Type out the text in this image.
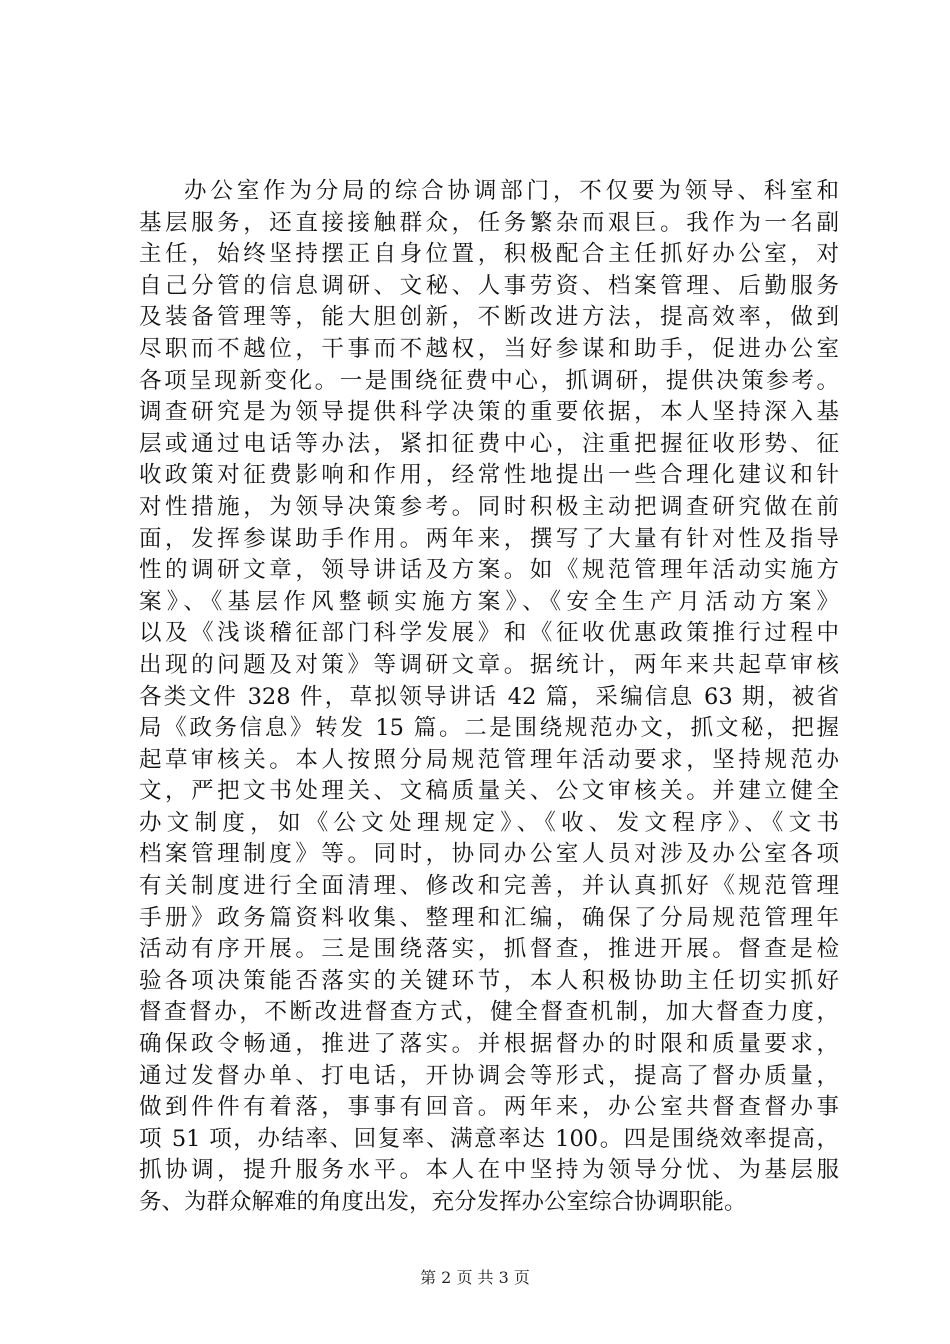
办公室作为分局的综合协调部门，不仅要为领导、科室和
基层服务，还直接接触群众，任务繁杂而艰巨。我作为一名副
主任，始终坚持摆正自身位置，积极配合主任抓好办公室，对
自己分管的信息调研、文秘、人事劳资、档案管理、后勤服务
及装备管理等，能大胆创新，不断改进方法，提高效率，做到
尽职而不越位，干事而不越权，当好参谋和助手，促进办公室
各项呈现新变化。一是围绕征费中心，抓调研，提供决策参考。
调查研究是为领导提供科学决策的重要依据，本人坚持深入基
层或通过电话等办法，紧扣征费中心，注重把握征收形势、征
收政策对征费影响和作用，经常性地提出一些合理化建议和针
对性措施，为领导决策参考。同时积极主动把调查研究做在前
面，发挥参谋助手作用。两年来，撰写了大量有针对性及指导
性的调研文章，领导讲话及方案。如《规范管理年活动实施方
案》、《基层作风整顿实施方案》、《安全生产月活动方案》
以及《浅谈稽征部门科学发展》和《征收优惠政策推行过程中
出现的问题及对策》等调研文章。据统计，两年来共起草审核
各类文件 328 件，草拟领导讲话 42 篇，采编信息 63 期，被省
局《政务信息》转发 15 篇。二是围绕规范办文，抓文秘，把握
起草审核关。本人按照分局规范管理年活动要求，坚持规范办
文，严把文书处理关、文稿质量关、公文审核关。并建立健全
办文制度，如《公文处理规定》、《收、发文程序》、《文书
档案管理制度》等。同时，协同办公室人员对涉及办公室各项
有关制度进行全面清理、修改和完善，并认真抓好《规范管理
手册》政务篇资料收集、整理和汇编，确保了分局规范管理年
活动有序开展。三是围绕落实，抓督查，推进开展。督查是检
验各项决策能否落实的关键环节，本人积极协助主任切实抓好
督查督办，不断改进督查方式，健全督查机制，加大督查力度，
确保政令畅通，推进了落实。并根据督办的时限和质量要求，
通过发督办单、打电话，开协调会等形式，提高了督办质量，
做到件件有着落，事事有回音。两年来，办公室共督查督办事
项 51 项，办结率、回复率、满意率达 100。四是围绕效率提高，
抓协调，提升服务水平。本人在中坚持为领导分忧、为基层服
务、为群众解难的角度出发，充分发挥办公室综合协调职能。
第 2 页 共 3 页
